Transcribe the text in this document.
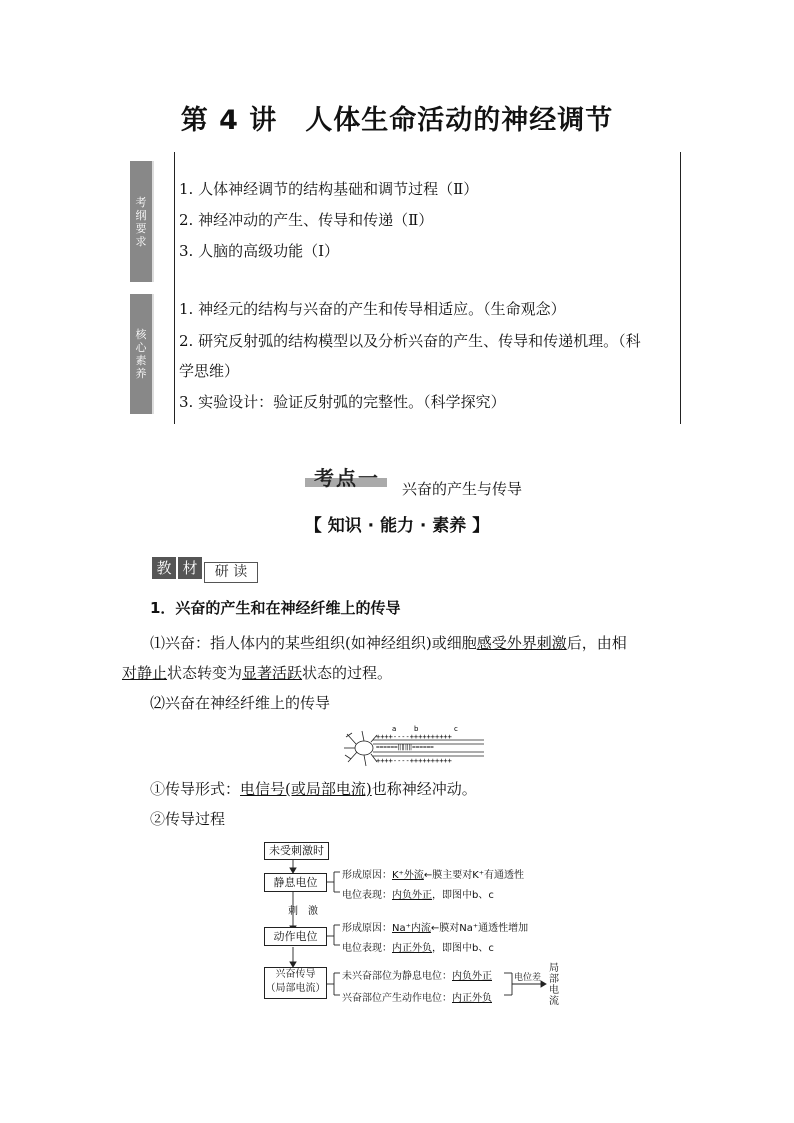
第 4 讲　人体生命活动的神经调节
考纲要求
1. 人体神经调节的结构基础和调节过程（Ⅱ）
2. 神经冲动的产生、传导和传递（Ⅱ）
3. 人脑的高级功能（Ⅰ）
核心素养
1. 神经元的结构与兴奋的产生和传导相适应。（生命观念）
2. 研究反射弧的结构模型以及分析兴奋的产生、传导和传递机理。（科
学思维）
3. 实验设计：验证反射弧的完整性。（科学探究）
考点一 兴奋的产生与传导
【 知识 · 能力 · 素养 】
教 材	研 读
1．兴奋的产生和在神经纤维上的传导
⑴兴奋：指人体内的某些组织(如神经组织)或细胞感受外界刺激后，由相
对静止状态转变为显著活跃状态的过程。
⑵兴奋在神经纤维上的传导
++++----++++++++++
======‖‖‖‖======
++++----++++++++++
a	b	c
①传导形式：电信号(或局部电流)也称神经冲动。
②传导过程
未受刺激时
静息电位
刺　激
动作电位
兴奋传导
（局部电流）
形成原因：K⁺外流←膜主要对K⁺有通透性
电位表现：内负外正，即图中b、c
形成原因：Na⁺内流←膜对Na⁺通透性增加
电位表现：内正外负，即图中b、c
未兴奋部位为静息电位：内负外正
兴奋部位产生动作电位：内正外负
电位差
局部电流
